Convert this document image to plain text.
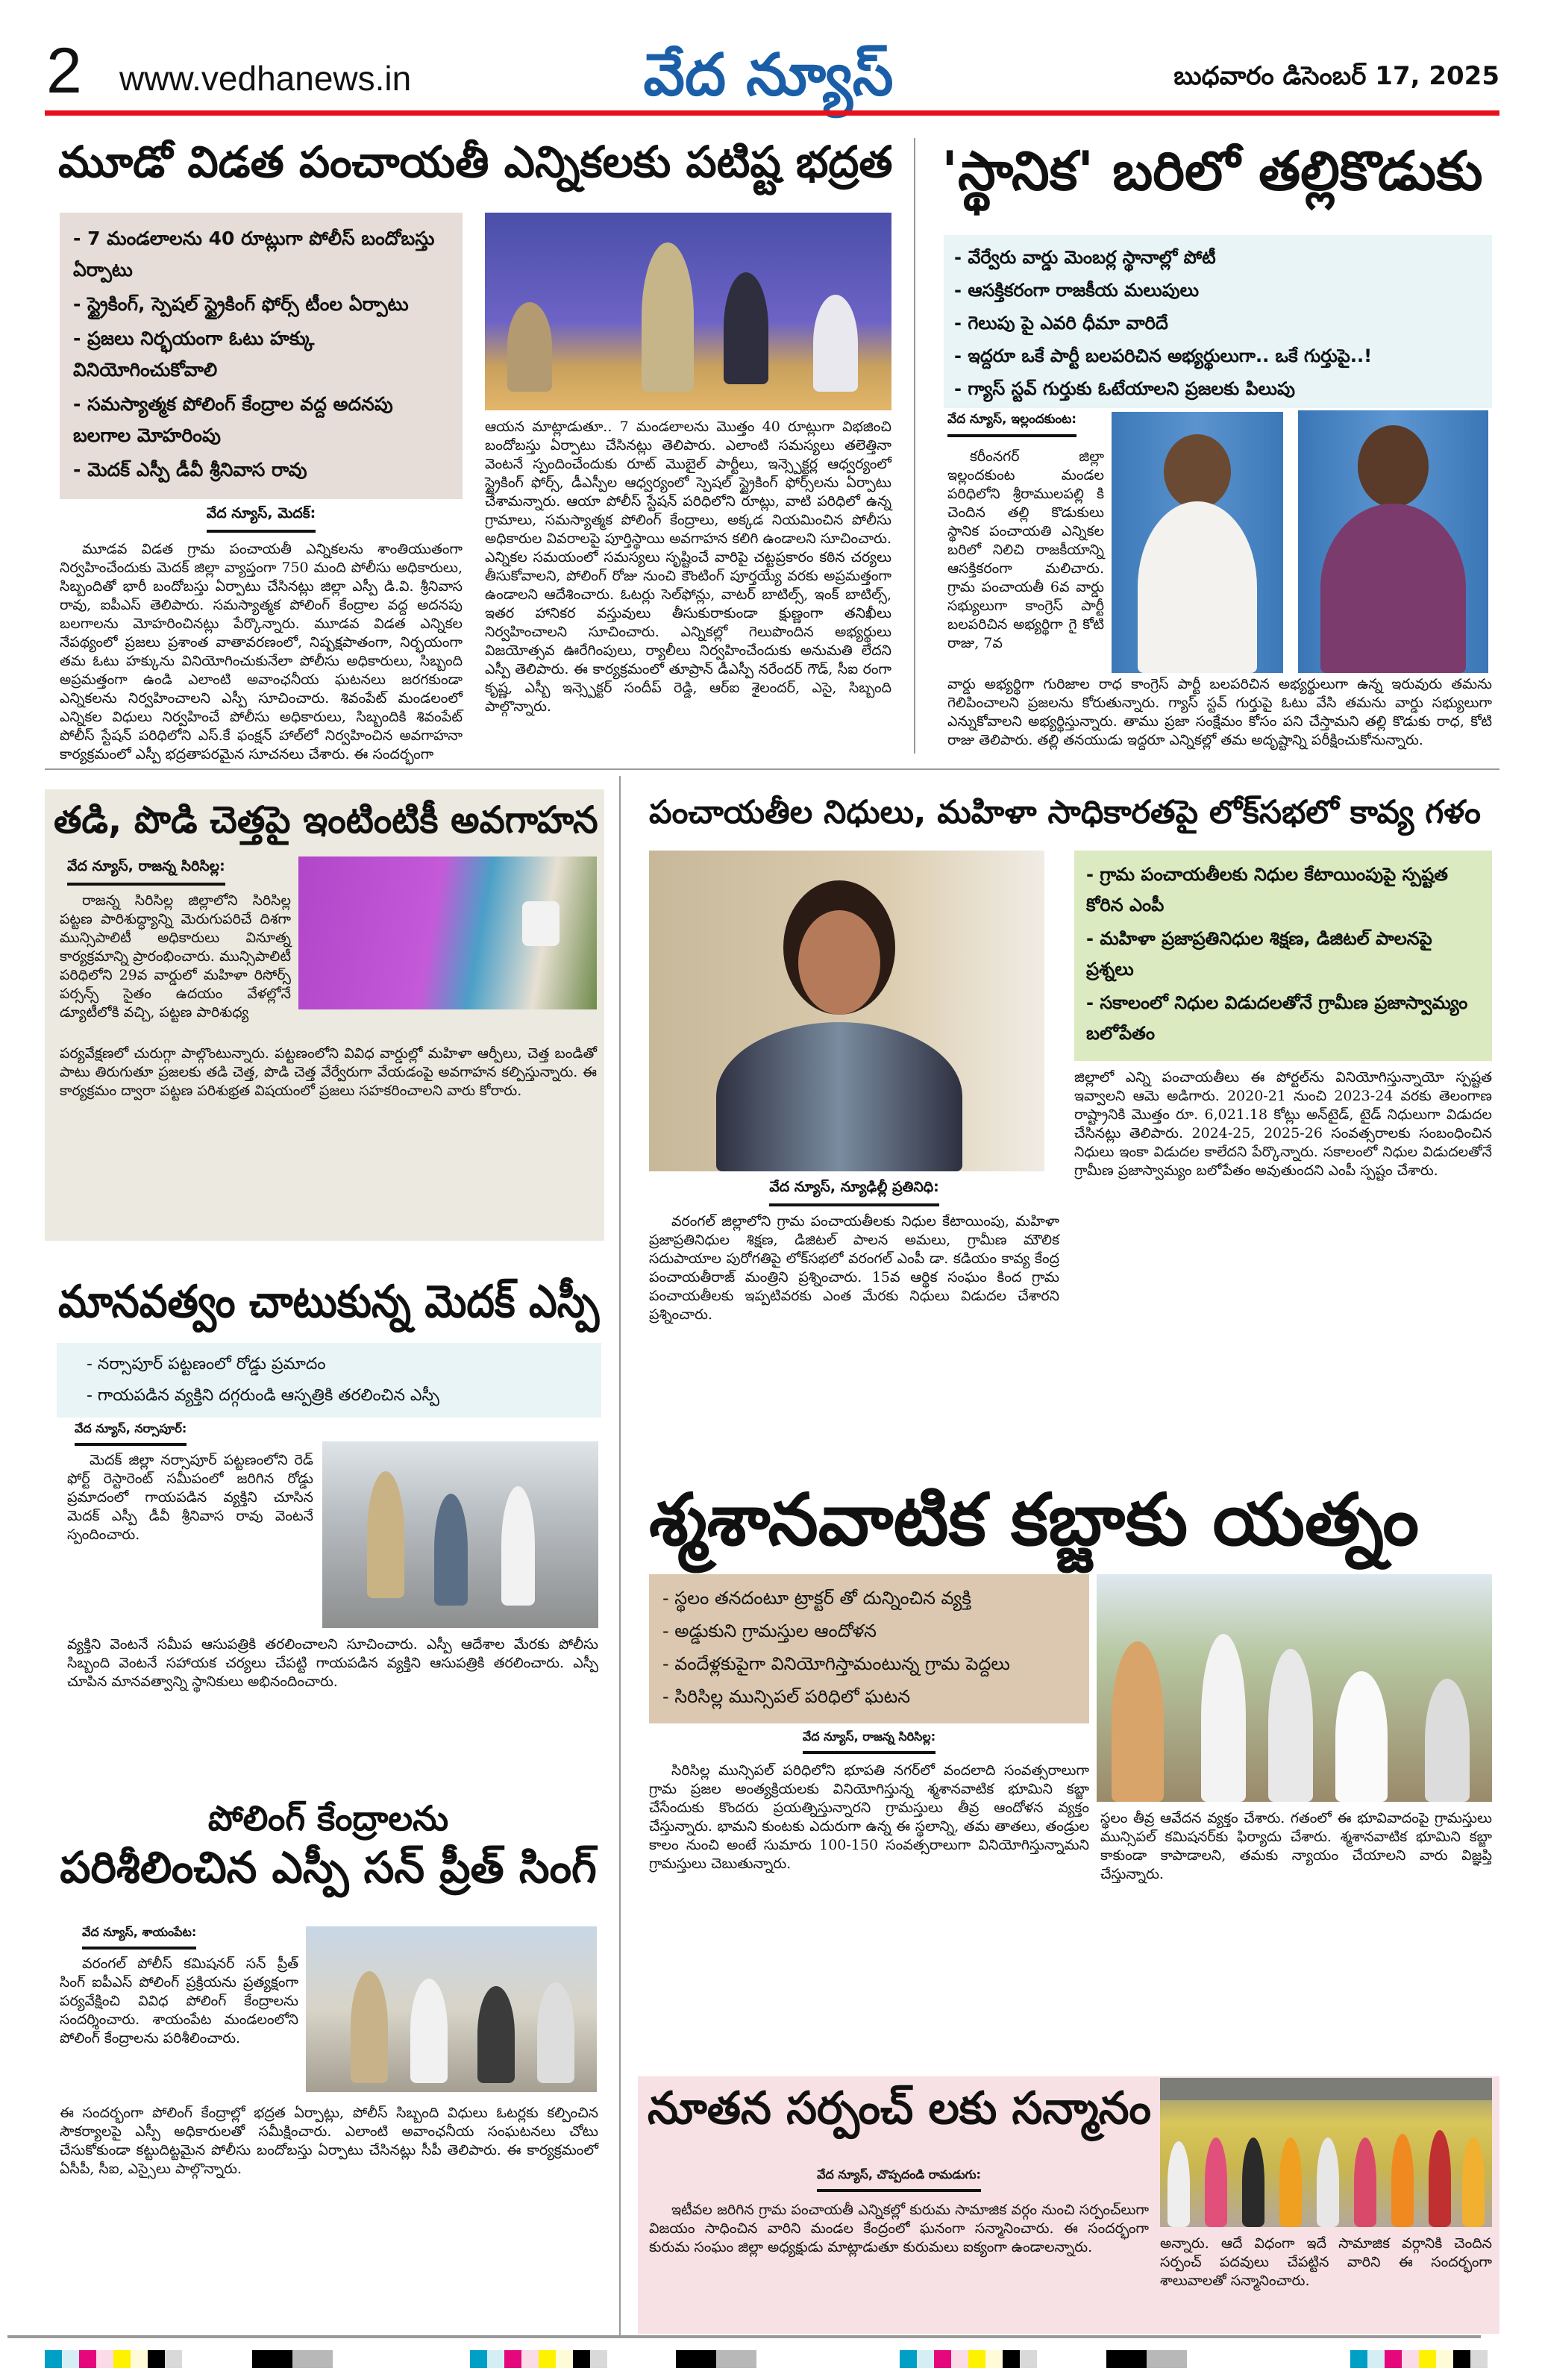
2 www.vedhanews.in	వేద న్యూస్	బుధవారం డిసెంబర్ 17, 2025
మూడో విడత పంచాయతీ ఎన్నికలకు పటిష్ట భద్రత
- 7 మండలాలను 40 రూట్లుగా పోలీస్ బందోబస్తు ఏర్పాటు
- స్ట్రైకింగ్, స్పెషల్ స్ట్రైకింగ్ ఫోర్స్ టీంల ఏర్పాటు
- ప్రజలు నిర్భయంగా ఓటు హక్కు వినియోగించుకోవాలి
- సమస్యాత్మక పోలింగ్ కేంద్రాల వద్ద అదనపు బలగాల మోహరింపు
- మెదక్ ఎస్పీ డీవీ శ్రీనివాస రావు
వేద న్యూస్, మెదక్:
మూడవ విడత గ్రామ పంచాయతీ ఎన్నికలను శాంతియుతంగా నిర్వహించేందుకు మెదక్ జిల్లా వ్యాప్తంగా 750 మంది పోలీసు అధికారులు, సిబ్బందితో భారీ బందోబస్తు ఏర్పాటు చేసినట్లు జిల్లా ఎస్పీ డి.వి. శ్రీనివాస రావు, ఐపీఎస్ తెలిపారు. సమస్యాత్మక పోలింగ్ కేంద్రాల వద్ద అదనపు బలగాలను మోహరించినట్లు పేర్కొన్నారు. మూడవ విడత ఎన్నికల నేపథ్యంలో ప్రజలు ప్రశాంత వాతావరణంలో, నిష్పక్షపాతంగా, నిర్భయంగా తమ ఓటు హక్కును వినియోగించుకునేలా పోలీసు అధికారులు, సిబ్బంది అప్రమత్తంగా ఉండి ఎలాంటి అవాంఛనీయ ఘటనలు జరగకుండా ఎన్నికలను నిర్వహించాలని ఎస్పీ సూచించారు. శివంపేట్ మండలంలో ఎన్నికల విధులు నిర్వహించే పోలీసు అధికారులు, సిబ్బందికి శివంపేట్ పోలీస్ స్టేషన్ పరిధిలోని ఎస్.కే ఫంక్షన్ హాల్‌లో నిర్వహించిన అవగాహనా కార్యక్రమంలో ఎస్పీ భద్రతాపరమైన సూచనలు చేశారు. ఈ సందర్భంగా
ఆయన మాట్లాడుతూ.. 7 మండలాలను మొత్తం 40 రూట్లుగా విభజించి బందోబస్తు ఏర్పాటు చేసినట్లు తెలిపారు. ఎలాంటి సమస్యలు తలెత్తినా వెంటనే స్పందించేందుకు రూట్ మొబైల్ పార్టీలు, ఇన్స్పెక్టర్ల ఆధ్వర్యంలో స్ట్రైకింగ్ ఫోర్స్, డీఎస్పీల ఆధ్వర్యంలో స్పెషల్ స్ట్రైకింగ్ ఫోర్స్‌లను ఏర్పాటు చేశామన్నారు. ఆయా పోలీస్ స్టేషన్ పరిధిలోని రూట్లు, వాటి పరిధిలో ఉన్న గ్రామాలు, సమస్యాత్మక పోలింగ్ కేంద్రాలు, అక్కడ నియమించిన పోలీసు అధికారుల వివరాలపై పూర్తిస్థాయి అవగాహన కలిగి ఉండాలని సూచించారు. ఎన్నికల సమయంలో సమస్యలు సృష్టించే వారిపై చట్టప్రకారం కఠిన చర్యలు తీసుకోవాలని, పోలింగ్ రోజు నుంచి కౌంటింగ్ పూర్తయ్యే వరకు అప్రమత్తంగా ఉండాలని ఆదేశించారు. ఓటర్లు సెల్‌ఫోన్లు, వాటర్ బాటిల్స్, ఇంక్ బాటిల్స్, ఇతర హానికర వస్తువులు తీసుకురాకుండా క్షుణ్ణంగా తనిఖీలు నిర్వహించాలని సూచించారు. ఎన్నికల్లో గెలుపొందిన అభ్యర్థులు విజయోత్సవ ఊరేగింపులు, ర్యాలీలు నిర్వహించేందుకు అనుమతి లేదని ఎస్పీ తెలిపారు. ఈ కార్యక్రమంలో తూప్రాన్ డీఎస్పీ నరేందర్ గౌడ్, సీఐ రంగా కృష్ణ, ఎస్బీ ఇన్స్పెక్టర్ సందీప్ రెడ్డి, ఆర్ఐ శైలందర్, ఎసై, సిబ్బంది పాల్గొన్నారు.
'స్థానిక' బరిలో తల్లికొడుకు
- వేర్వేరు వార్డు మెంబర్ల స్థానాల్లో పోటీ
- ఆసక్తికరంగా రాజకీయ మలుపులు
- గెలుపు పై ఎవరి ధీమా వారిదే
- ఇద్దరూ ఒకే పార్టీ బలపరిచిన అభ్యర్థులుగా.. ఒకే గుర్తుపై..!
- గ్యాస్ స్టవ్ గుర్తుకు ఓటేయాలని ప్రజలకు పిలుపు
వేద న్యూస్, ఇల్లందకుంట:
కరీంనగర్ జిల్లా ఇల్లందకుంట మండల పరిధిలోని శ్రీరాములపల్లి కి చెందిన తల్లి కొడుకులు స్థానిక పంచాయతి ఎన్నికల బరిలో నిలిచి రాజకీయాన్ని ఆసక్తికరంగా మలిచారు. గ్రామ పంచాయతీ 6వ వార్డు సభ్యులుగా కాంగ్రెస్ పార్టీ బలపరిచిన అభ్యర్థిగా గై కోటి రాజు, 7వ
వార్డు అభ్యర్థిగా గురిజాల రాధ కాంగ్రెస్ పార్టీ బలపరిచిన అభ్యర్థులుగా ఉన్న ఇరువురు తమను గెలిపించాలని ప్రజలను కోరుతున్నారు. గ్యాస్ స్టవ్ గుర్తుపై ఓటు వేసి తమను వార్డు సభ్యులుగా ఎన్నుకోవాలని అభ్యర్థిస్తున్నారు. తాము ప్రజా సంక్షేమం కోసం పని చేస్తామని తల్లి కొడుకు రాధ, కోటి రాజు తెలిపారు. తల్లి తనయుడు ఇద్దరూ ఎన్నికల్లో తమ అదృష్టాన్ని పరీక్షించుకోనున్నారు.
తడి, పొడి చెత్తపై ఇంటింటికీ అవగాహన
వేద న్యూస్, రాజన్న సిరిసిల్ల:
రాజన్న సిరిసిల్ల జిల్లాలోని సిరిసిల్ల పట్టణ పారిశుద్ధ్యాన్ని మెరుగుపరిచే దిశగా మున్సిపాలిటీ అధికారులు వినూత్న కార్యక్రమాన్ని ప్రారంభించారు. మున్సిపాలిటీ పరిధిలోని 29వ వార్డులో మహిళా రిసోర్స్ పర్సన్స్ సైతం ఉదయం వేళల్లోనే డ్యూటీలోకి వచ్చి, పట్టణ పారిశుధ్య
పర్యవేక్షణలో చురుగ్గా పాల్గొంటున్నారు. పట్టణంలోని వివిధ వార్డుల్లో మహిళా ఆర్పీలు, చెత్త బండితో పాటు తిరుగుతూ ప్రజలకు తడి చెత్త, పొడి చెత్త వేర్వేరుగా వేయడంపై అవగాహన కల్పిస్తున్నారు. ఈ కార్యక్రమం ద్వారా పట్టణ పరిశుభ్రత విషయంలో ప్రజలు సహకరించాలని వారు కోరారు.
పంచాయతీల నిధులు, మహిళా సాధికారతపై లోక్‌సభలో కావ్య గళం
- గ్రామ పంచాయతీలకు నిధుల కేటాయింపుపై స్పష్టత కోరిన ఎంపీ
- మహిళా ప్రజాప్రతినిధుల శిక్షణ, డిజిటల్ పాలనపై ప్రశ్నలు
- సకాలంలో నిధుల విడుదలతోనే గ్రామీణ ప్రజాస్వామ్యం బలోపేతం
జిల్లాలో ఎన్ని పంచాయతీలు ఈ పోర్టల్‌ను వినియోగిస్తున్నాయో స్పష్టత ఇవ్వాలని ఆమె అడిగారు. 2020-21 నుంచి 2023-24 వరకు తెలంగాణ రాష్ట్రానికి మొత్తం రూ. 6,021.18 కోట్లు అన్‌టైడ్, టైడ్ నిధులుగా విడుదల చేసినట్లు తెలిపారు. 2024-25, 2025-26 సంవత్సరాలకు సంబంధించిన నిధులు ఇంకా విడుదల కాలేదని పేర్కొన్నారు. సకాలంలో నిధుల విడుదలతోనే గ్రామీణ ప్రజాస్వామ్యం బలోపేతం అవుతుందని ఎంపీ స్పష్టం చేశారు.
వేద న్యూస్, న్యూఢిల్లీ ప్రతినిధి:
వరంగల్ జిల్లాలోని గ్రామ పంచాయతీలకు నిధుల కేటాయింపు, మహిళా ప్రజాప్రతినిధుల శిక్షణ, డిజిటల్ పాలన అమలు, గ్రామీణ మౌలిక సదుపాయాల పురోగతిపై లోక్‌సభలో వరంగల్ ఎంపీ డా. కడియం కావ్య కేంద్ర పంచాయతీరాజ్ మంత్రిని ప్రశ్నించారు. 15వ ఆర్థిక సంఘం కింద గ్రామ పంచాయతీలకు ఇప్పటివరకు ఎంత మేరకు నిధులు విడుదల చేశారని ప్రశ్నించారు.
మానవత్వం చాటుకున్న మెదక్ ఎస్పీ
- నర్సాపూర్ పట్టణంలో రోడ్డు ప్రమాదం
- గాయపడిన వ్యక్తిని దగ్గరుండి ఆస్పత్రికి తరలించిన ఎస్పీ
వేద న్యూస్, నర్సాపూర్:
మెదక్ జిల్లా నర్సాపూర్ పట్టణంలోని రెడ్ ఫోర్ట్ రెస్టారెంట్ సమీపంలో జరిగిన రోడ్డు ప్రమాదంలో గాయపడిన వ్యక్తిని చూసిన మెదక్ ఎస్పీ డీవీ శ్రీనివాస రావు వెంటనే స్పందించారు.
వ్యక్తిని వెంటనే సమీప ఆసుపత్రికి తరలించాలని సూచించారు. ఎస్పీ ఆదేశాల మేరకు పోలీసు సిబ్బంది వెంటనే సహాయక చర్యలు చేపట్టి గాయపడిన వ్యక్తిని ఆసుపత్రికి తరలించారు. ఎస్పీ చూపిన మానవత్వాన్ని స్థానికులు అభినందించారు.
పోలింగ్ కేంద్రాలను
పరిశీలించిన ఎస్పీ సన్ ప్రీత్ సింగ్
వేద న్యూస్, శాయంపేట:
వరంగల్ పోలీస్ కమిషనర్ సన్ ప్రీత్ సింగ్ ఐపీఎస్ పోలింగ్ ప్రక్రియను ప్రత్యక్షంగా పర్యవేక్షించి వివిధ పోలింగ్ కేంద్రాలను సందర్శించారు. శాయంపేట మండలంలోని పోలింగ్ కేంద్రాలను పరిశీలించారు.
ఈ సందర్భంగా పోలింగ్ కేంద్రాల్లో భద్రత ఏర్పాట్లు, పోలీస్ సిబ్బంది విధులు ఓటర్లకు కల్పించిన సౌకర్యాలపై ఎస్పీ అధికారులతో సమీక్షించారు. ఎలాంటి అవాంఛనీయ సంఘటనలు చోటు చేసుకోకుండా కట్టుదిట్టమైన పోలీసు బందోబస్తు ఏర్పాటు చేసినట్లు సీపీ తెలిపారు. ఈ కార్యక్రమంలో ఏసీపీ, సీఐ, ఎస్సైలు పాల్గొన్నారు.
శ్మశానవాటిక కబ్జాకు యత్నం
- స్థలం తనదంటూ ట్రాక్టర్ తో దున్నించిన వ్యక్తి
- అడ్డుకుని గ్రామస్తుల ఆందోళన
- వందేళ్లకుపైగా వినియోగిస్తామంటున్న గ్రామ పెద్దలు
- సిరిసిల్ల మున్సిపల్ పరిధిలో ఘటన
వేద న్యూస్, రాజన్న సిరిసిల్ల:
సిరిసిల్ల మున్సిపల్ పరిధిలోని భూపతి నగర్‌లో వందలాది సంవత్సరాలుగా గ్రామ ప్రజల అంత్యక్రియలకు వినియోగిస్తున్న శ్మశానవాటిక భూమిని కబ్జా చేసేందుకు కొందరు ప్రయత్నిస్తున్నారని గ్రామస్తులు తీవ్ర ఆందోళన వ్యక్తం చేస్తున్నారు. భామని కుంటకు ఎదురుగా ఉన్న ఈ స్థలాన్ని, తమ తాతలు, తండ్రుల కాలం నుంచి అంటే సుమారు 100-150 సంవత్సరాలుగా వినియోగిస్తున్నామని గ్రామస్తులు చెబుతున్నారు.
స్థలం తీవ్ర ఆవేదన వ్యక్తం చేశారు. గతంలో ఈ భూవివాదంపై గ్రామస్తులు మున్సిపల్ కమిషనర్‌కు ఫిర్యాదు చేశారు. శ్మశానవాటిక భూమిని కబ్జా కాకుండా కాపాడాలని, తమకు న్యాయం చేయాలని వారు విజ్ఞప్తి చేస్తున్నారు.
నూతన సర్పంచ్ లకు సన్మానం
వేద న్యూస్, చొప్పదండి రామడుగు:
ఇటీవల జరిగిన గ్రామ పంచాయతీ ఎన్నికల్లో కురుమ సామాజిక వర్గం నుంచి సర్పంచ్‌లుగా విజయం సాధించిన వారిని మండల కేంద్రంలో ఘనంగా సన్మానించారు. ఈ సందర్భంగా కురుమ సంఘం జిల్లా అధ్యక్షుడు మాట్లాడుతూ కురుమలు ఐక్యంగా ఉండాలన్నారు.	అన్నారు. ఆదే విధంగా ఇదే సామాజిక వర్గానికి చెందిన సర్పంచ్ పదవులు చేపట్టిన వారిని ఈ సందర్భంగా శాలువాలతో సన్మానించారు.
